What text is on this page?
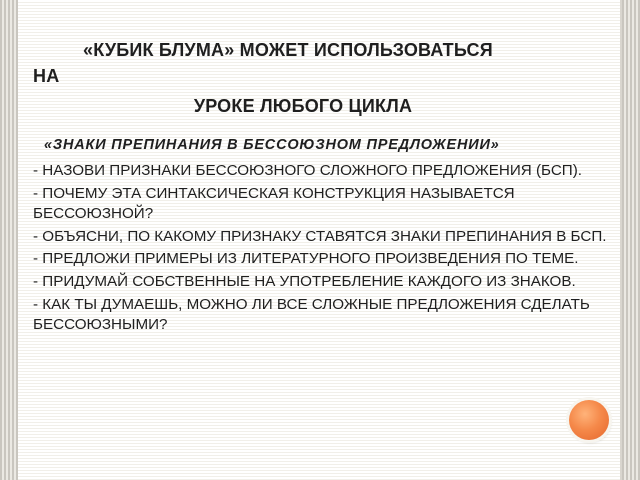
«КУБИК БЛУМА» МОЖЕТ ИСПОЛЬЗОВАТЬСЯ
НА
УРОКЕ ЛЮБОГО ЦИКЛА
«ЗНАКИ ПРЕПИНАНИЯ В БЕССОЮЗНОМ ПРЕДЛОЖЕНИИ»
- НАЗОВИ ПРИЗНАКИ БЕССОЮЗНОГО СЛОЖНОГО ПРЕДЛОЖЕНИЯ (БСП).
- ПОЧЕМУ ЭТА СИНТАКСИЧЕСКАЯ КОНСТРУКЦИЯ НАЗЫВАЕТСЯ БЕССОЮЗНОЙ?
- ОБЪЯСНИ, ПО КАКОМУ ПРИЗНАКУ СТАВЯТСЯ ЗНАКИ ПРЕПИНАНИЯ В БСП.
- ПРЕДЛОЖИ ПРИМЕРЫ ИЗ ЛИТЕРАТУРНОГО ПРОИЗВЕДЕНИЯ ПО ТЕМЕ.
- ПРИДУМАЙ СОБСТВЕННЫЕ НА УПОТРЕБЛЕНИЕ КАЖДОГО ИЗ ЗНАКОВ.
- КАК ТЫ ДУМАЕШЬ, МОЖНО ЛИ ВСЕ СЛОЖНЫЕ ПРЕДЛОЖЕНИЯ СДЕЛАТЬ БЕССОЮЗНЫМИ?
